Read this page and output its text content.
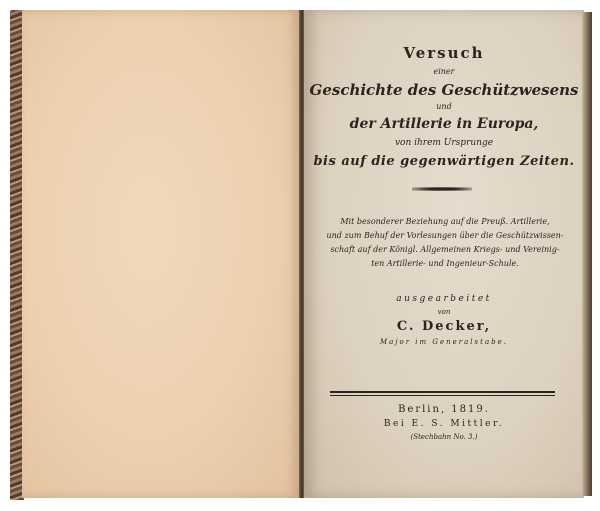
Versuch
einer
Geschichte des Geschützwesens
und
der Artillerie in Europa,
von ihrem Ursprunge
bis auf die gegenwärtigen Zeiten.
Mit besonderer Beziehung auf die Preuß. Artillerie,
und zum Behuf der Vorlesungen über die Geschützwissen-
schaft auf der Königl. Allgemeinen Kriegs- und Vereinig-
ten Artillerie- und Ingenieur-Schule.
ausgearbeitet
von
C. Decker,
Major im Generalstabe.
Berlin, 1819.
Bei E. S. Mittler.
(Stechbahn No. 3.)
